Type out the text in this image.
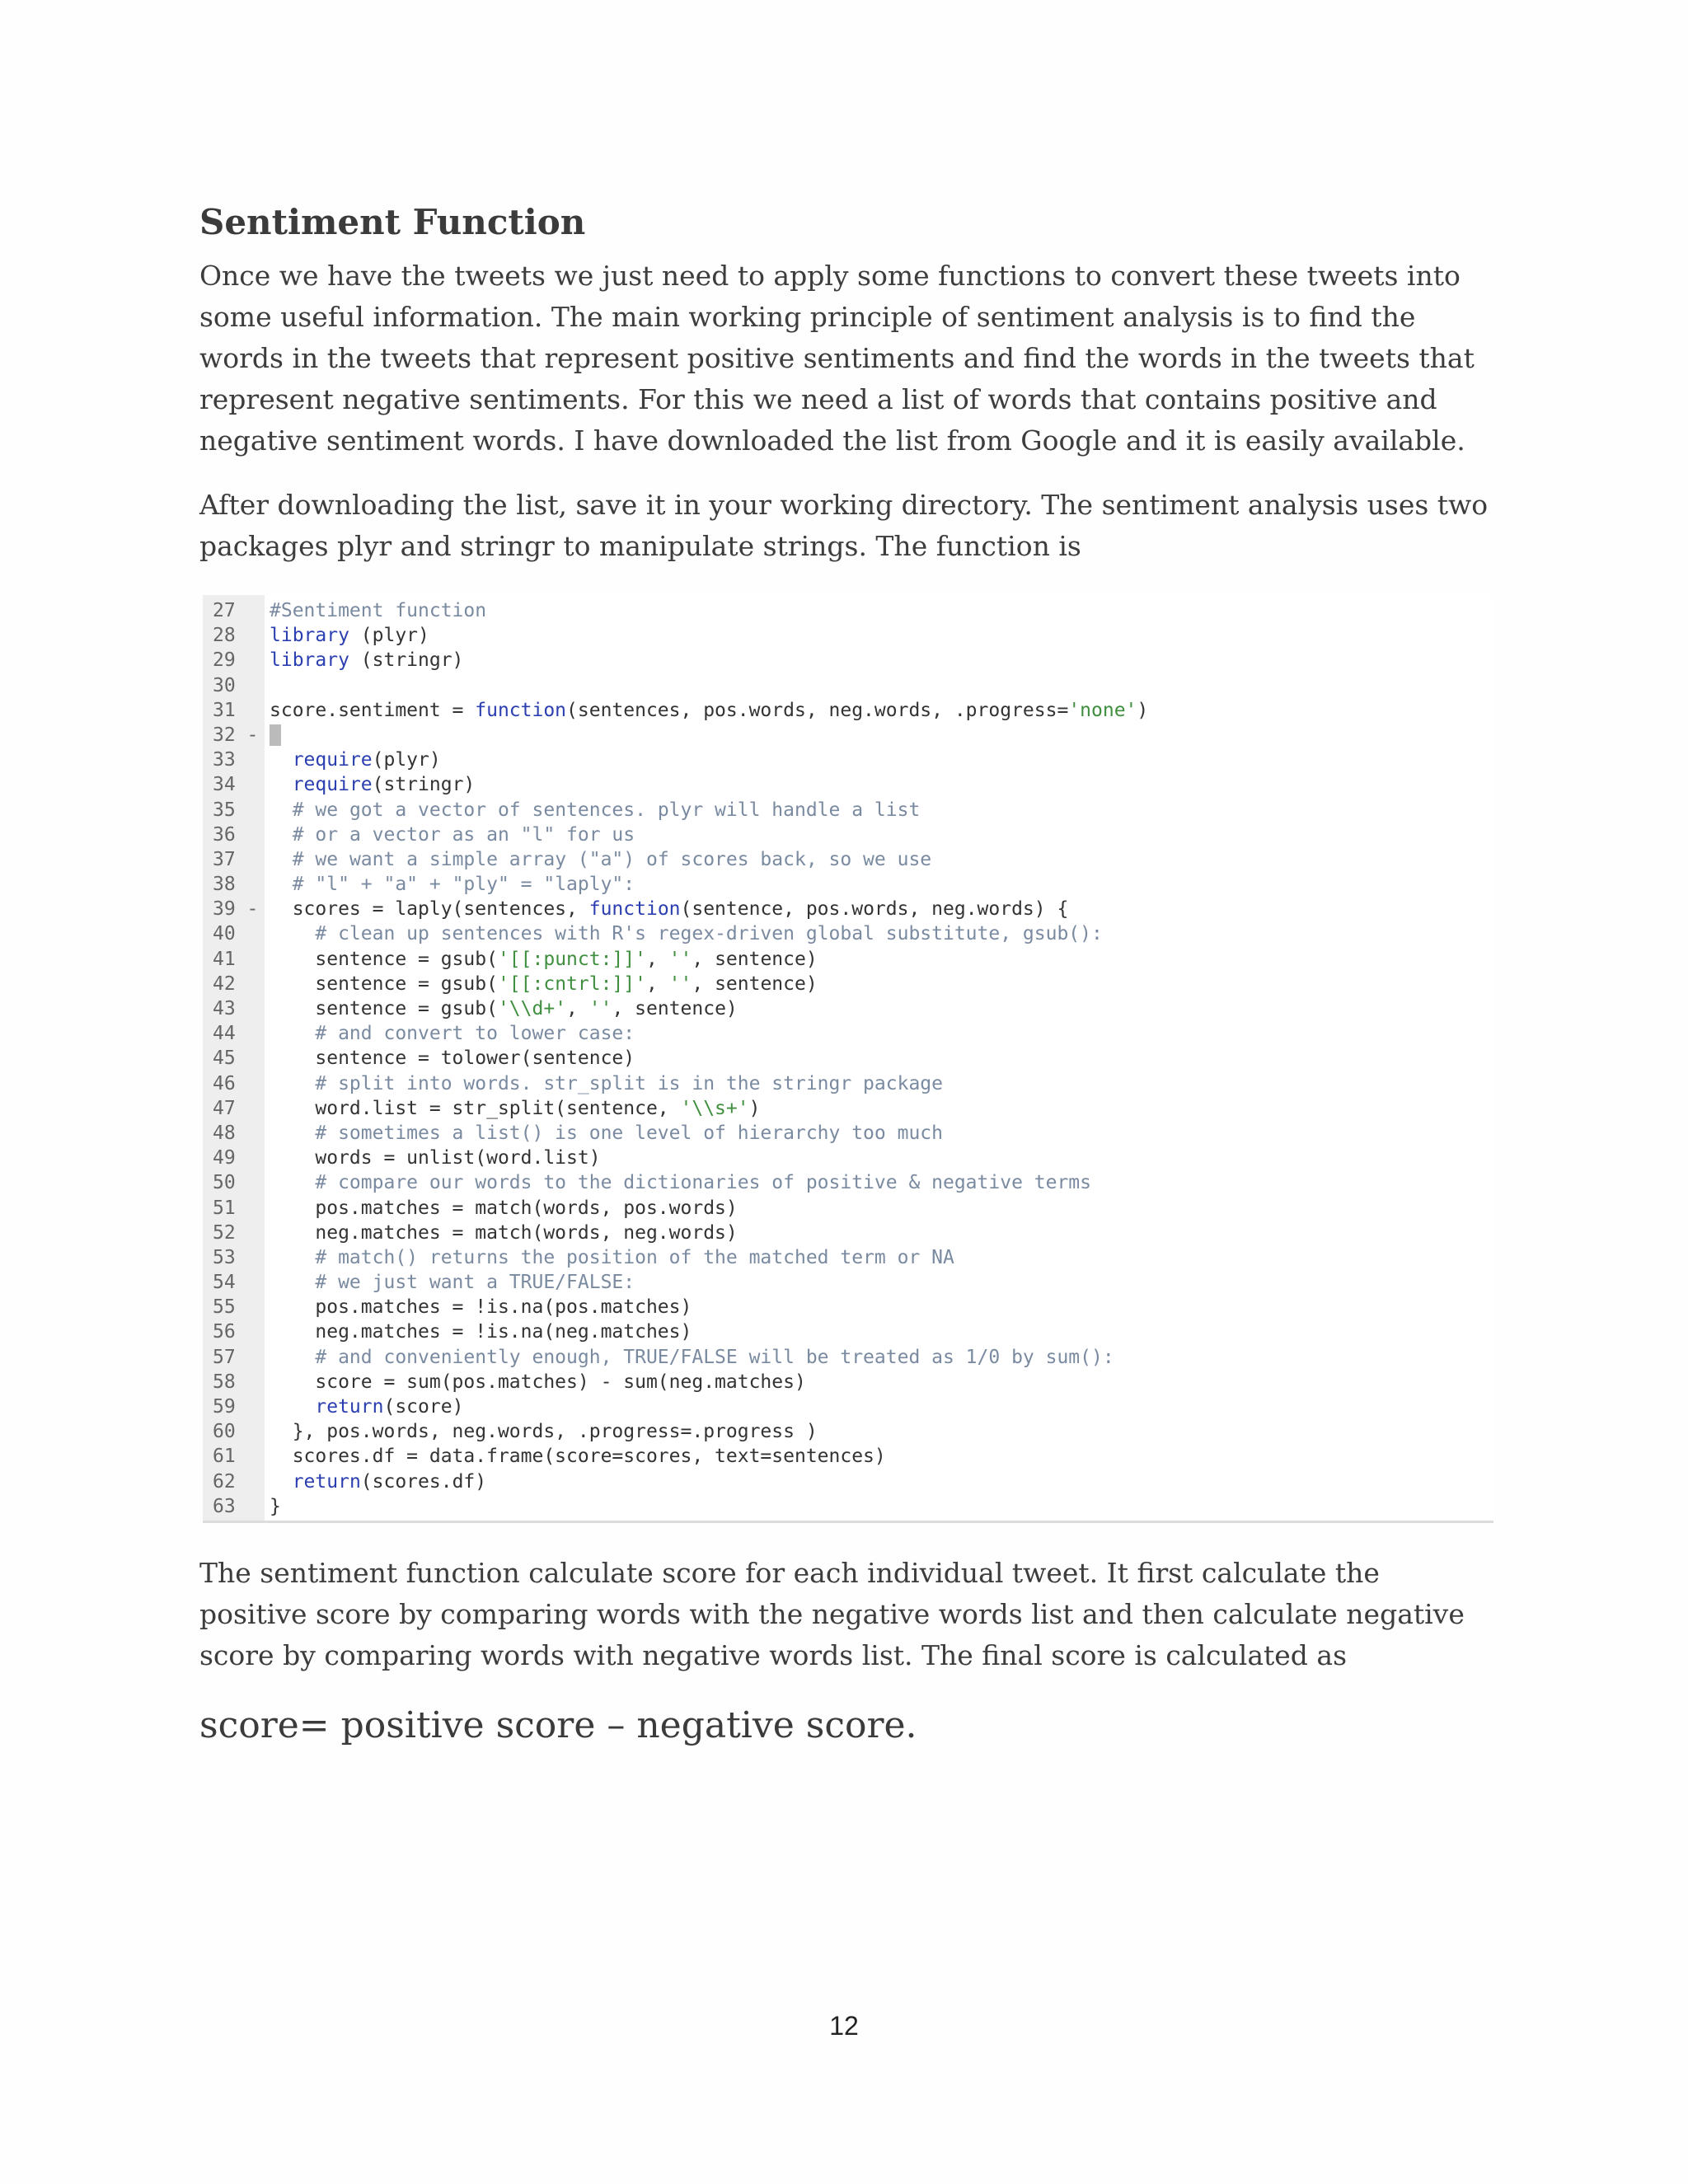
Sentiment Function

Once we have the tweets we just need to apply some functions to convert these tweets into some useful information. The main working principle of sentiment analysis is to find the words in the tweets that represent positive sentiments and find the words in the tweets that represent negative sentiments. For this we need a list of words that contains positive and negative sentiment words. I have downloaded the list from Google and it is easily available.

After downloading the list, save it in your working directory. The sentiment analysis uses two packages plyr and stringr to manipulate strings. The function is

27
28
29
30
31
32 -
33
34
35
36
37
38
39 -
40
41
42
43
44
45
46
47
48
49
50
51
52
53
54
55
56
57
58
59
60
61
62
63
#Sentiment function
library (plyr)
library (stringr)
score.sentiment = function(sentences, pos.words, neg.words, .progress='none')
{
require(plyr)
require(stringr)
# we got a vector of sentences. plyr will handle a list
# or a vector as an "l" for us
# we want a simple array ("a") of scores back, so we use
# "l" + "a" + "ply" = "laply":
scores = laply(sentences, function(sentence, pos.words, neg.words) {
# clean up sentences with R's regex-driven global substitute, gsub():
sentence = gsub('[[:punct:]]', '', sentence)
sentence = gsub('[[:cntrl:]]', '', sentence)
sentence = gsub('\\d+', '', sentence)
# and convert to lower case:
sentence = tolower(sentence)
# split into words. str_split is in the stringr package
word.list = str_split(sentence, '\\s+')
# sometimes a list() is one level of hierarchy too much
words = unlist(word.list)
# compare our words to the dictionaries of positive & negative terms
pos.matches = match(words, pos.words)
neg.matches = match(words, neg.words)
# match() returns the position of the matched term or NA
# we just want a TRUE/FALSE:
pos.matches = !is.na(pos.matches)
neg.matches = !is.na(neg.matches)
# and conveniently enough, TRUE/FALSE will be treated as 1/0 by sum():
score = sum(pos.matches) - sum(neg.matches)
return(score)
}, pos.words, neg.words, .progress=.progress )
scores.df = data.frame(score=scores, text=sentences)
return(scores.df)
}

The sentiment function calculate score for each individual tweet. It first calculate the positive score by comparing words with the negative words list and then calculate negative score by comparing words with negative words list. The final score is calculated as

score= positive score – negative score.
12
